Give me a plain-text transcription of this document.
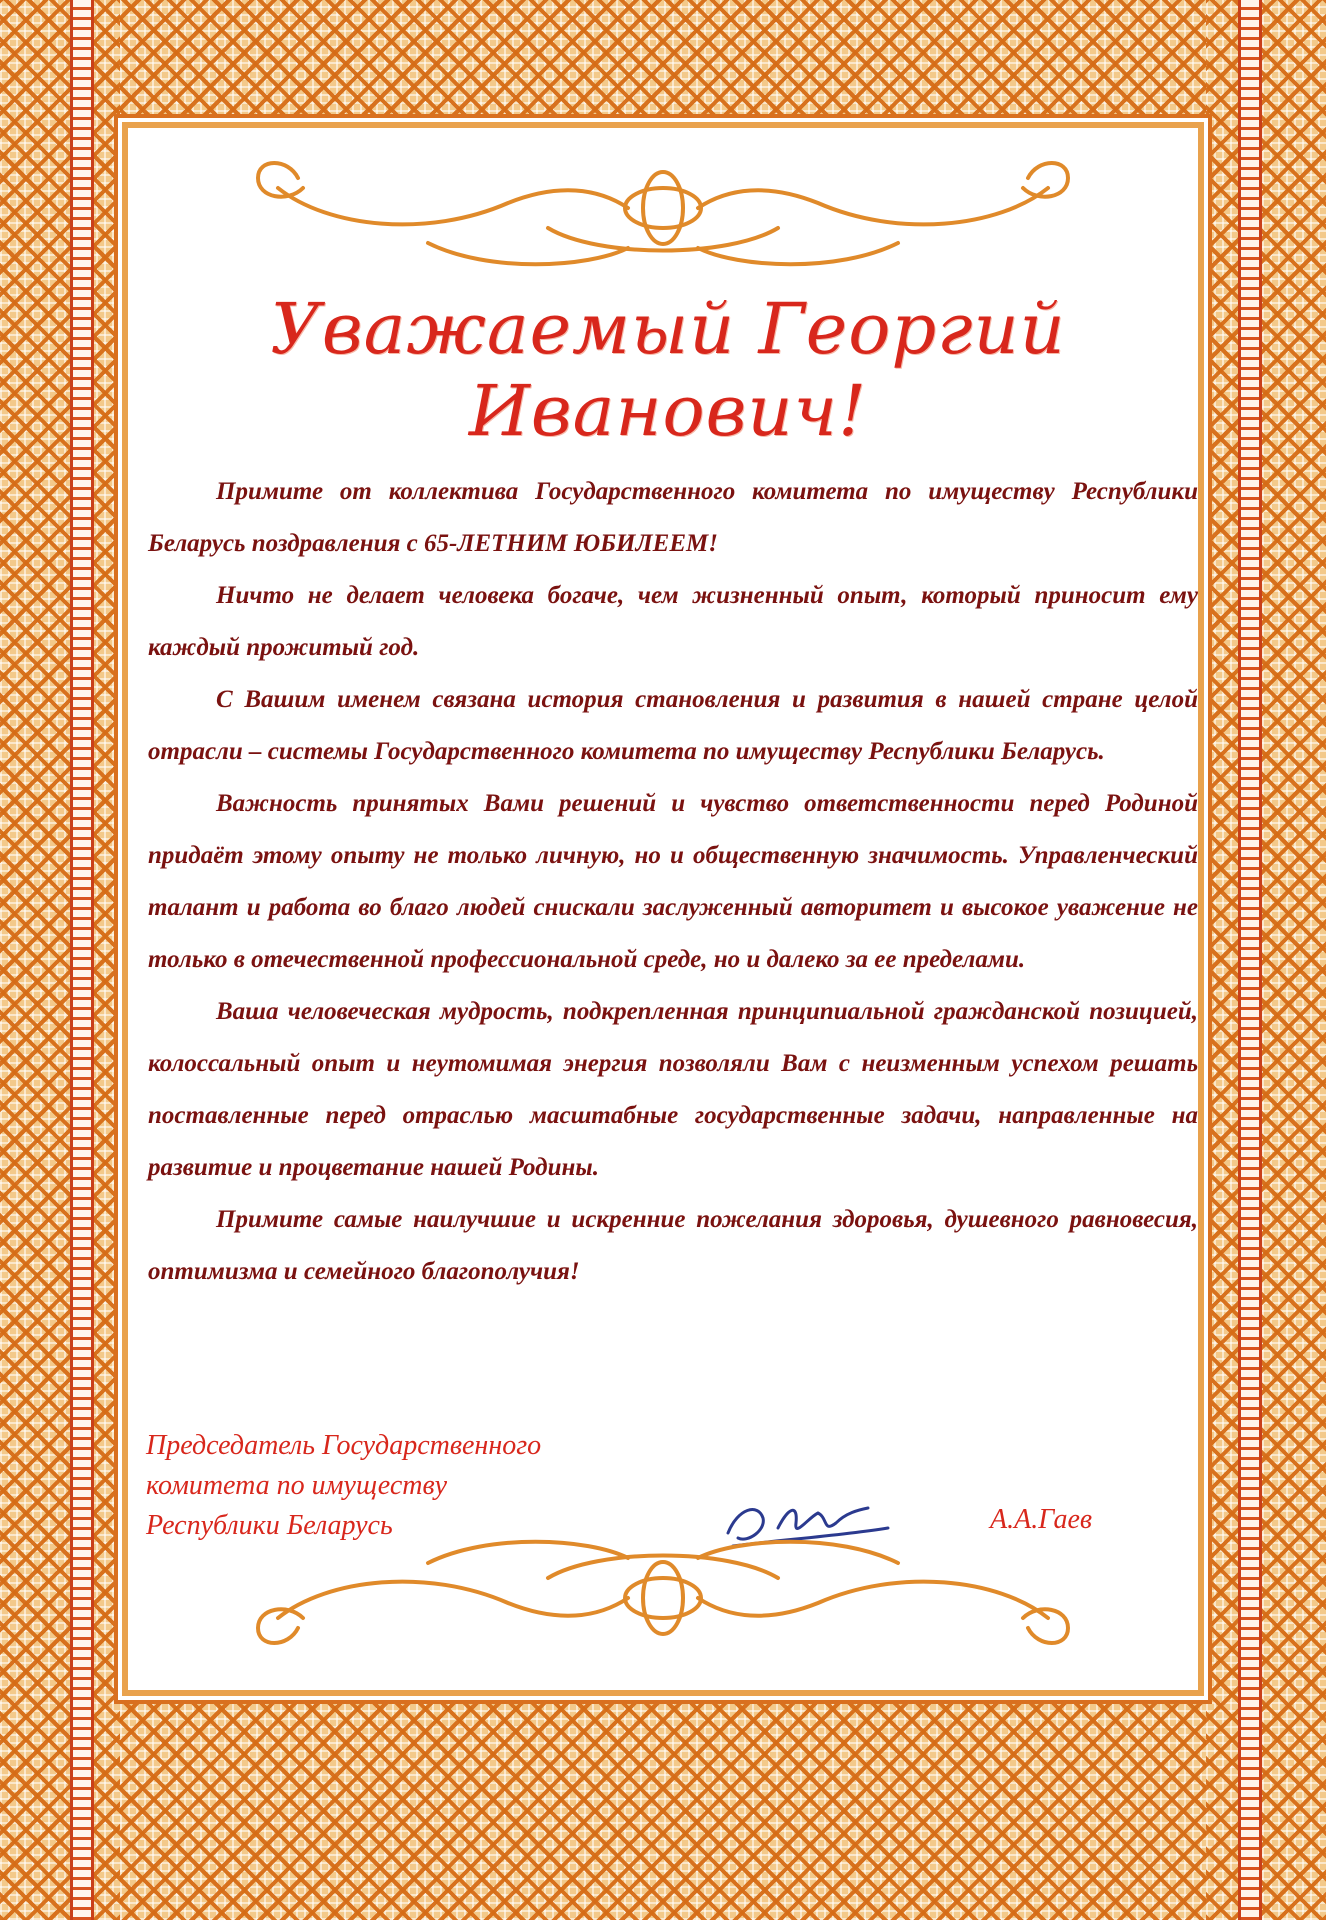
Уважаемый Георгий Иванович!

Примите от коллектива Государственного комитета по имуществу Республики Беларусь поздравления с 65-ЛЕТНИМ ЮБИЛЕЕМ!

Ничто не делает человека богаче, чем жизненный опыт, который приносит ему каждый прожитый год.

С Вашим именем связана история становления и развития в нашей стране целой отрасли – системы Государственного комитета по имуществу Республики Беларусь.

Важность принятых Вами решений и чувство ответственности перед Родиной придаёт этому опыту не только личную, но и общественную значимость. Управленческий талант и работа во благо людей снискали заслуженный авторитет и высокое уважение не только в отечественной профессиональной среде, но и далеко за ее пределами.

Ваша человеческая мудрость, подкрепленная принципиальной гражданской позицией, колоссальный опыт и неутомимая энергия позволяли Вам с неизменным успехом решать поставленные перед отраслью масштабные государственные задачи, направленные на развитие и процветание нашей Родины.

Примите самые наилучшие и искренние пожелания здоровья, душевного равновесия, оптимизма и семейного благополучия!

Председатель Государственного
комитета по имуществу
Республики Беларусь	А.А.Гаев
